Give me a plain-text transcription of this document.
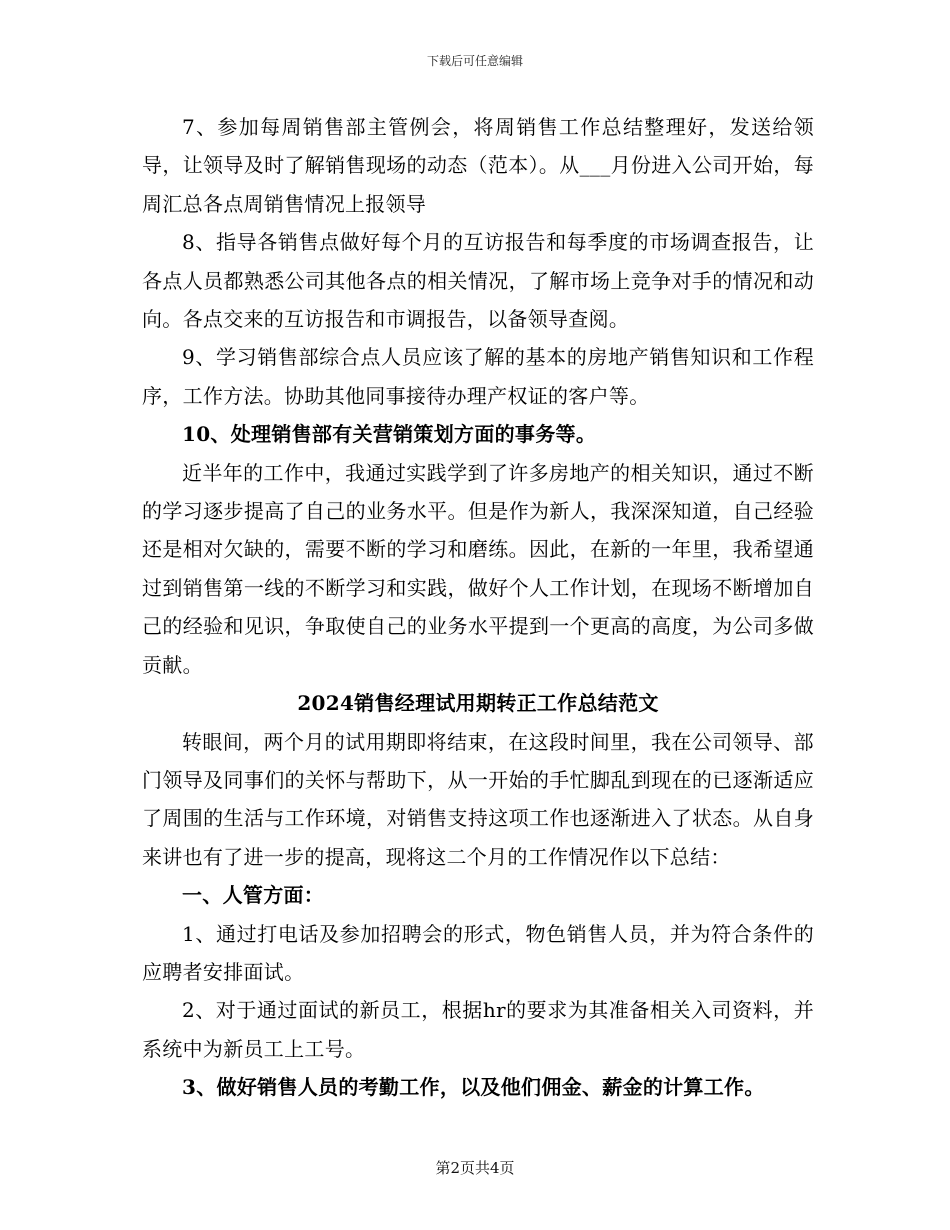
下载后可任意编辑

7、参加每周销售部主管例会，将周销售工作总结整理好，发送给领导，让领导及时了解销售现场的动态（范本）。从___月份进入公司开始，每周汇总各点周销售情况上报领导

8、指导各销售点做好每个月的互访报告和每季度的市场调查报告，让各点人员都熟悉公司其他各点的相关情况，了解市场上竞争对手的情况和动向。各点交来的互访报告和市调报告，以备领导查阅。

9、学习销售部综合点人员应该了解的基本的房地产销售知识和工作程序，工作方法。协助其他同事接待办理产权证的客户等。

10、处理销售部有关营销策划方面的事务等。

近半年的工作中，我通过实践学到了许多房地产的相关知识，通过不断的学习逐步提高了自己的业务水平。但是作为新人，我深深知道，自己经验还是相对欠缺的，需要不断的学习和磨练。因此，在新的一年里，我希望通过到销售第一线的不断学习和实践，做好个人工作计划，在现场不断增加自己的经验和见识，争取使自己的业务水平提到一个更高的高度，为公司多做贡献。

2024销售经理试用期转正工作总结范文

转眼间，两个月的试用期即将结束，在这段时间里，我在公司领导、部门领导及同事们的关怀与帮助下，从一开始的手忙脚乱到现在的已逐渐适应了周围的生活与工作环境，对销售支持这项工作也逐渐进入了状态。从自身来讲也有了进一步的提高，现将这二个月的工作情况作以下总结：

一、人管方面：

1、通过打电话及参加招聘会的形式，物色销售人员，并为符合条件的应聘者安排面试。

2、对于通过面试的新员工，根据hr的要求为其准备相关入司资料，并系统中为新员工上工号。

3、做好销售人员的考勤工作，以及他们佣金、薪金的计算工作。

第2页共4页
